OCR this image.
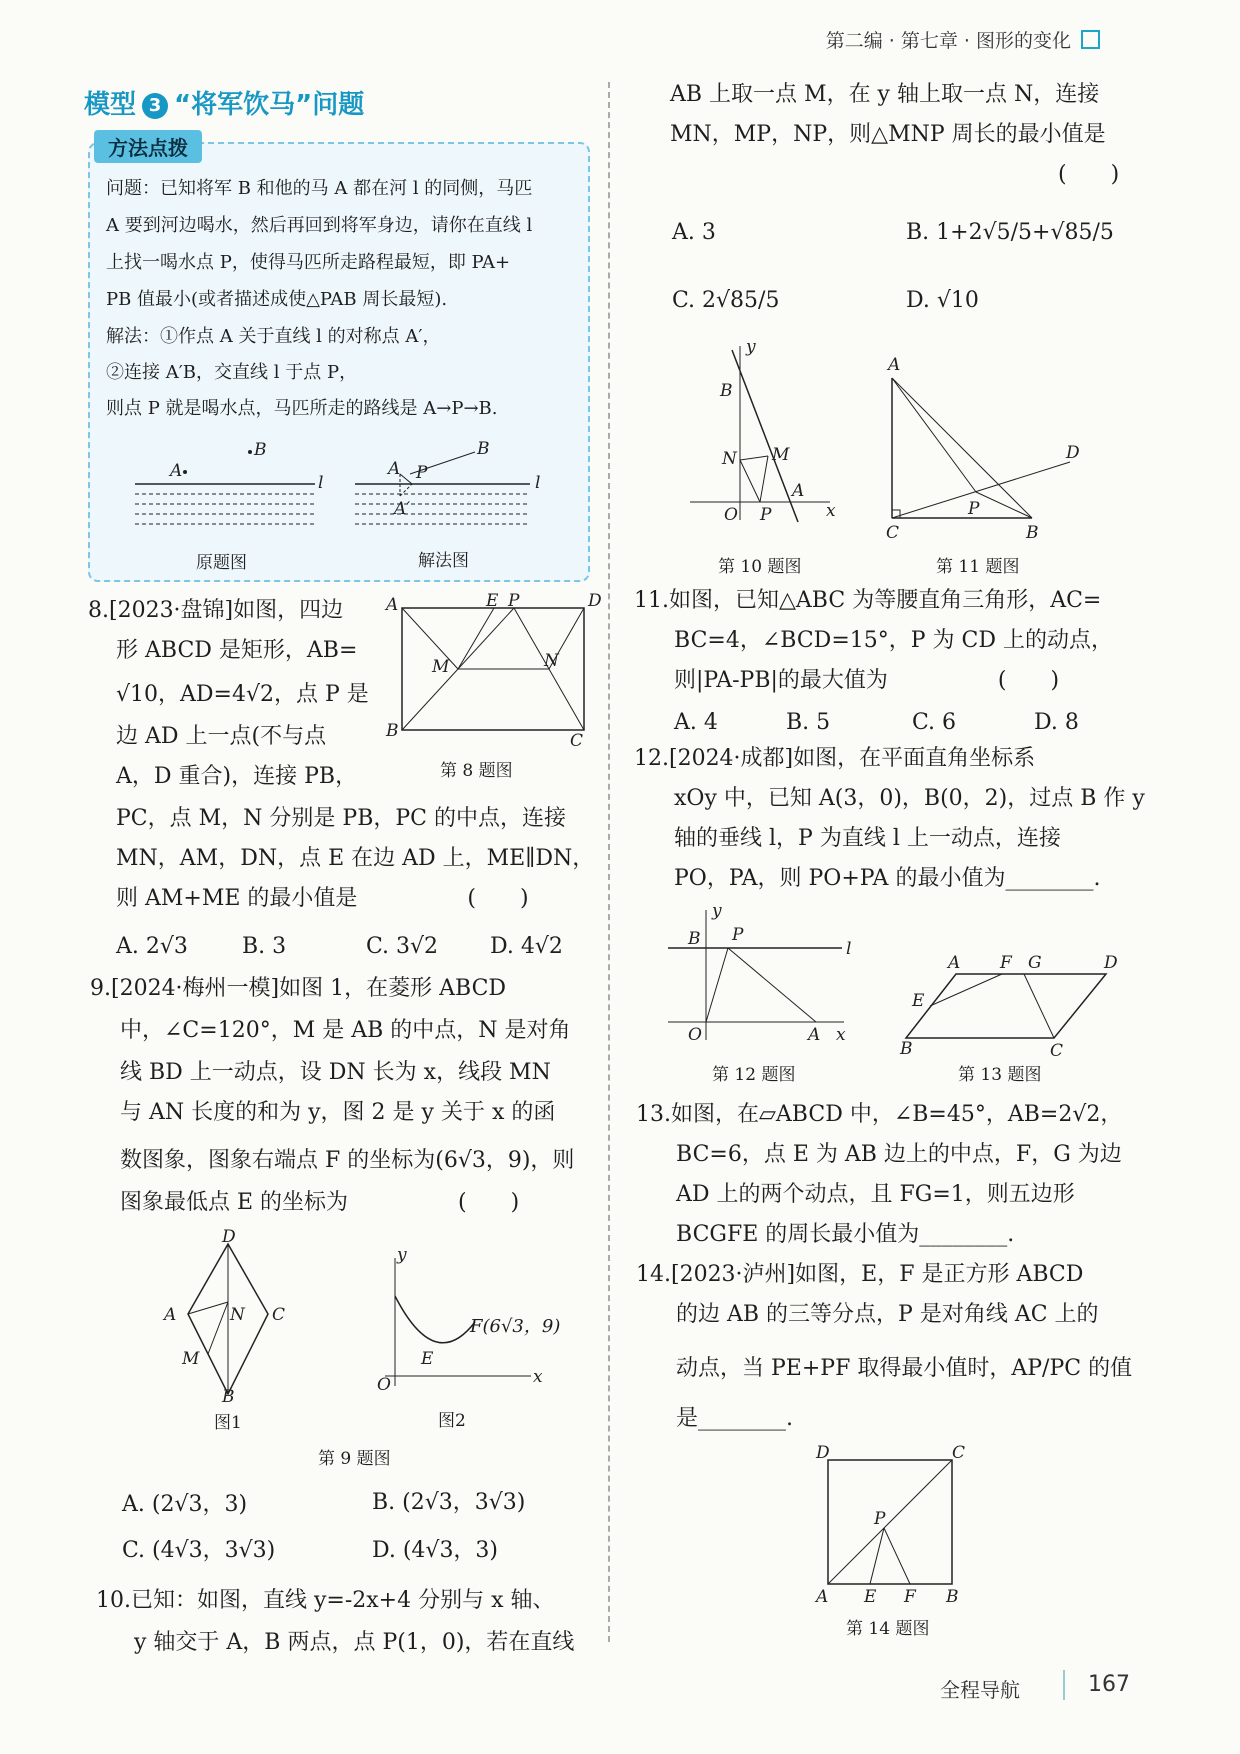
第二编 · 第七章 · 图形的变化
模型 3 “将军饮马”问题
方法点拨
问题：已知将军 B 和他的马 A 都在河 l 的同侧，马匹
A 要到河边喝水，然后再回到将军身边，请你在直线 l
上找一喝水点 P，使得马匹所走路程最短，即 PA+
PB 值最小(或者描述成使△PAB 周长最短).
解法：①作点 A 关于直线 l 的对称点 A′，
②连接 A′B，交直线 l 于点 P，
则点 P 就是喝水点，马匹所走的路线是 A→P→B.
A
B
l
A P
B
A′
l
原题图	解法图
8.[2023·盘锦]如图，四边
形 ABCD 是矩形，AB=
√10，AD=4√2，点 P 是
边 AD 上一点(不与点
A，D 重合)，连接 PB，
PC，点 M，N 分别是 PB，PC 的中点，连接
MN，AM，DN，点 E 在边 AD 上，ME∥DN，
则 AM+ME 的最小值是　　　　　(　　)
A	E P	D
M	N
B	C
第 8 题图
A. 2√3 B. 3	C. 3√2 D. 4√2
9.[2024·梅州一模]如图 1，在菱形 ABCD
中，∠C=120°，M 是 AB 的中点，N 是对角
线 BD 上一动点，设 DN 长为 x，线段 MN
与 AN 长度的和为 y，图 2 是 y 关于 x 的函
数图象，图象右端点 F 的坐标为(6√3，9)，则
图象最低点 E 的坐标为　　　　　(　　)
D
C
A	N
M
B
图1
y
x
O
E
F(6√3，9)
图2
第 9 题图
A. (2√3，3)	B. (2√3，3√3)
C. (4√3，3√3)	D. (4√3，3)
10.已知：如图，直线 y=-2x+4 分别与 x 轴、
y 轴交于 A，B 两点，点 P(1，0)，若在直线
AB 上取一点 M，在 y 轴上取一点 N，连接
MN，MP，NP，则△MNP 周长的最小值是
(　　)
A. 3	B. 1+2√5/5+√85/5
C. 2√85/5	D. √10
y
B
M
N
A
O P	x
第 10 题图
A
D
P
C	B
第 11 题图
11.如图，已知△ABC 为等腰直角三角形，AC=
BC=4，∠BCD=15°，P 为 CD 上的动点，
则|PA-PB|的最大值为　　　　　(　　)
A. 4	B. 5	C. 6	D. 8
12.[2024·成都]如图，在平面直角坐标系
xOy 中，已知 A(3，0)，B(0，2)，过点 B 作 y
轴的垂线 l，P 为直线 l 上一动点，连接
PO，PA，则 PO+PA 的最小值为________.
B
y
P
l
O	A x
第 12 题图
A F G	D
E
B	C
第 13 题图
13.如图，在▱ABCD 中，∠B=45°，AB=2√2，
BC=6，点 E 为 AB 边上的中点，F，G 为边
AD 上的两个动点，且 FG=1，则五边形
BCGFE 的周长最小值为________.
14.[2023·泸州]如图，E，F 是正方形 ABCD
的边 AB 的三等分点，P 是对角线 AC 上的
动点，当 PE+PF 取得最小值时，AP/PC 的值
是________.
D	C
P
A E F B
第 14 题图
全程导航	167
